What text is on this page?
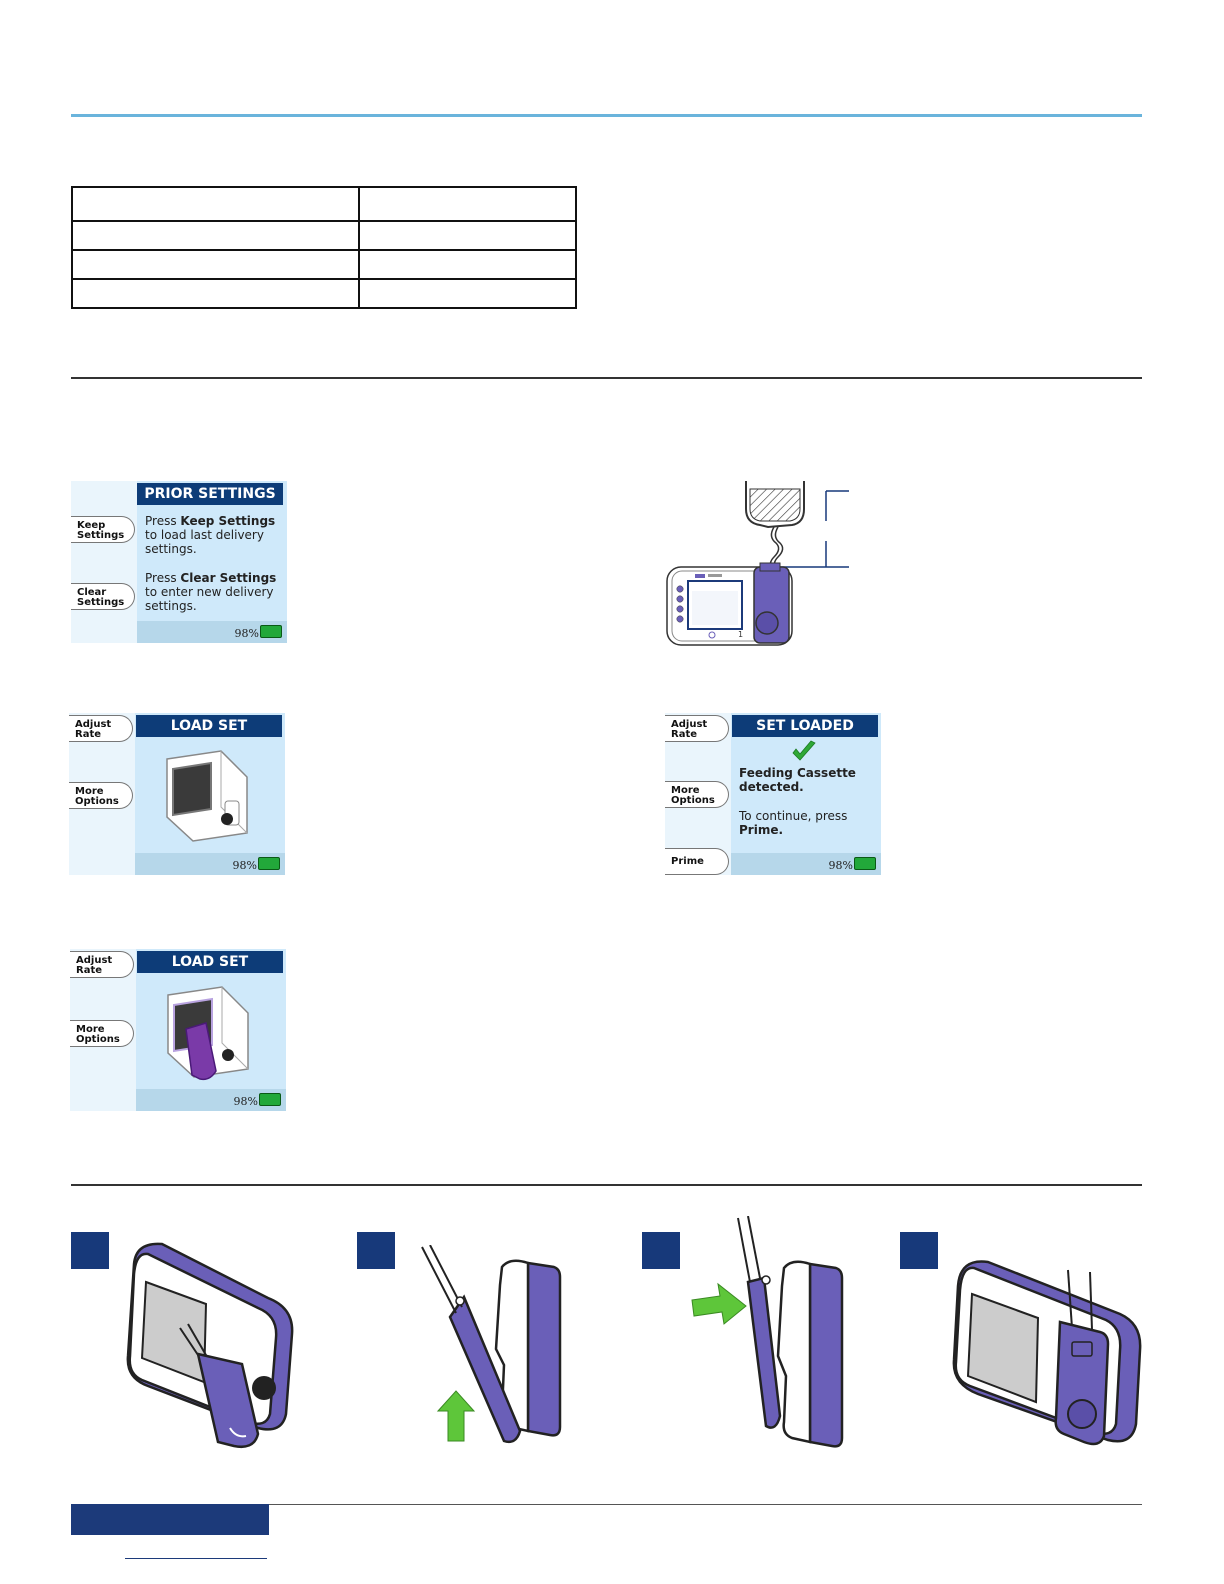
PRIOR SETTINGS
Keep
Settings
Clear
Settings
Press Keep Settings to load last delivery settings.
Press Clear Settings to enter new delivery settings.
98%	1
LOAD SET
Adjust
Rate
More
Options
98%
SET LOADED
Adjust
Rate
More
Options
Prime
Feeding Cassette detected.
To continue, press Prime.
98%
LOAD SET
Adjust
Rate
More
Options
98%
